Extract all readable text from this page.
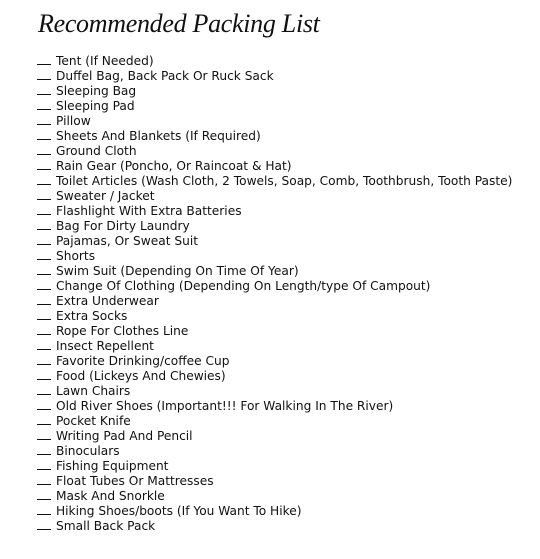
Recommended Packing List
Tent (If Needed)
Duffel Bag, Back Pack Or Ruck Sack
Sleeping Bag
Sleeping Pad
Pillow
Sheets And Blankets (If Required)
Ground Cloth
Rain Gear (Poncho, Or Raincoat & Hat)
Toilet Articles (Wash Cloth, 2 Towels, Soap, Comb, Toothbrush, Tooth Paste)
Sweater / Jacket
Flashlight With Extra Batteries
Bag For Dirty Laundry
Pajamas, Or Sweat Suit
Shorts
Swim Suit (Depending On Time Of Year)
Change Of Clothing (Depending On Length/type Of Campout)
Extra Underwear
Extra Socks
Rope For Clothes Line
Insect Repellent
Favorite Drinking/coffee Cup
Food (Lickeys And Chewies)
Lawn Chairs
Old River Shoes (Important!!! For Walking In The River)
Pocket Knife
Writing Pad And Pencil
Binoculars
Fishing Equipment
Float Tubes Or Mattresses
Mask And Snorkle
Hiking Shoes/boots (If You Want To Hike)
Small Back Pack
